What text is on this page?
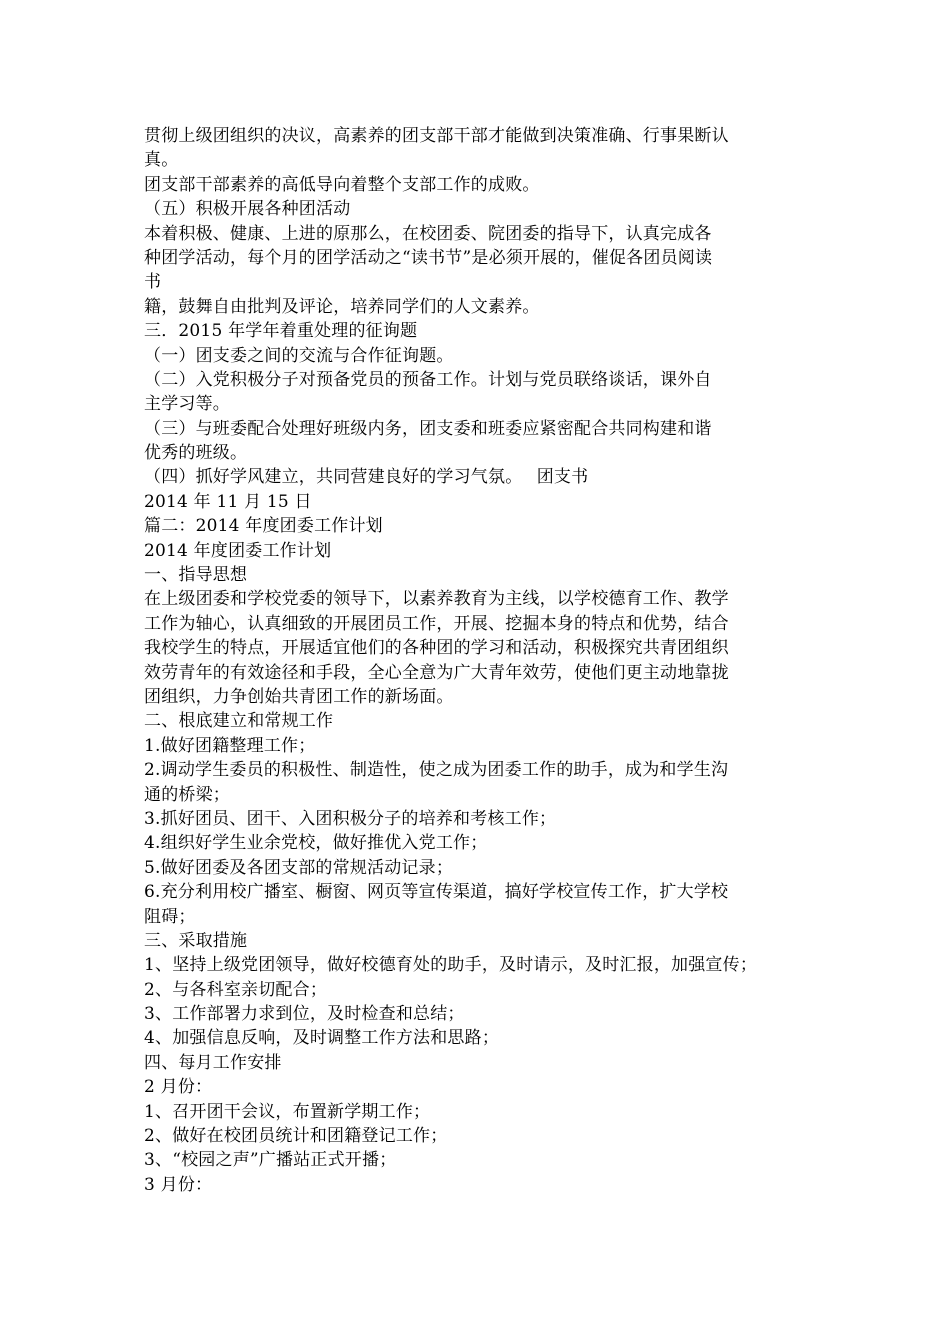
贯彻上级团组织的决议，高素养的团支部干部才能做到决策准确、行事果断认
真。
团支部干部素养的高低导向着整个支部工作的成败。
（五）积极开展各种团活动
本着积极、健康、上进的原那么，在校团委、院团委的指导下，认真完成各
种团学活动，每个月的团学活动之“读书节”是必须开展的，催促各团员阅读
书
籍，鼓舞自由批判及评论，培养同学们的人文素养。
三．2015 年学年着重处理的征询题
（一）团支委之间的交流与合作征询题。
（二）入党积极分子对预备党员的预备工作。计划与党员联络谈话，课外自
主学习等。
（三）与班委配合处理好班级内务，团支委和班委应紧密配合共同构建和谐
优秀的班级。
（四）抓好学风建立，共同营建良好的学习气氛。　 团支书
2014 年 11 月 15 日
篇二：2014 年度团委工作计划
2014 年度团委工作计划
一、指导思想
在上级团委和学校党委的领导下，以素养教育为主线，以学校德育工作、教学
工作为轴心，认真细致的开展团员工作，开展、挖掘本身的特点和优势，结合
我校学生的特点，开展适宜他们的各种团的学习和活动，积极探究共青团组织
效劳青年的有效途径和手段，全心全意为广大青年效劳，使他们更主动地靠拢
团组织，力争创始共青团工作的新场面。
二、根底建立和常规工作
1.做好团籍整理工作；
2.调动学生委员的积极性、制造性，使之成为团委工作的助手，成为和学生沟
通的桥梁；
3.抓好团员、团干、入团积极分子的培养和考核工作；
4.组织好学生业余党校，做好推优入党工作；
5.做好团委及各团支部的常规活动记录；
6.充分利用校广播室、橱窗、网页等宣传渠道，搞好学校宣传工作，扩大学校
阻碍；
三、采取措施
1、坚持上级党团领导，做好校德育处的助手，及时请示，及时汇报，加强宣传；
2、与各科室亲切配合；
3、工作部署力求到位，及时检查和总结；
4、加强信息反响，及时调整工作方法和思路；
四、每月工作安排
2 月份：
1、召开团干会议，布置新学期工作；
2、做好在校团员统计和团籍登记工作；
3、“校园之声”广播站正式开播；
3 月份：
